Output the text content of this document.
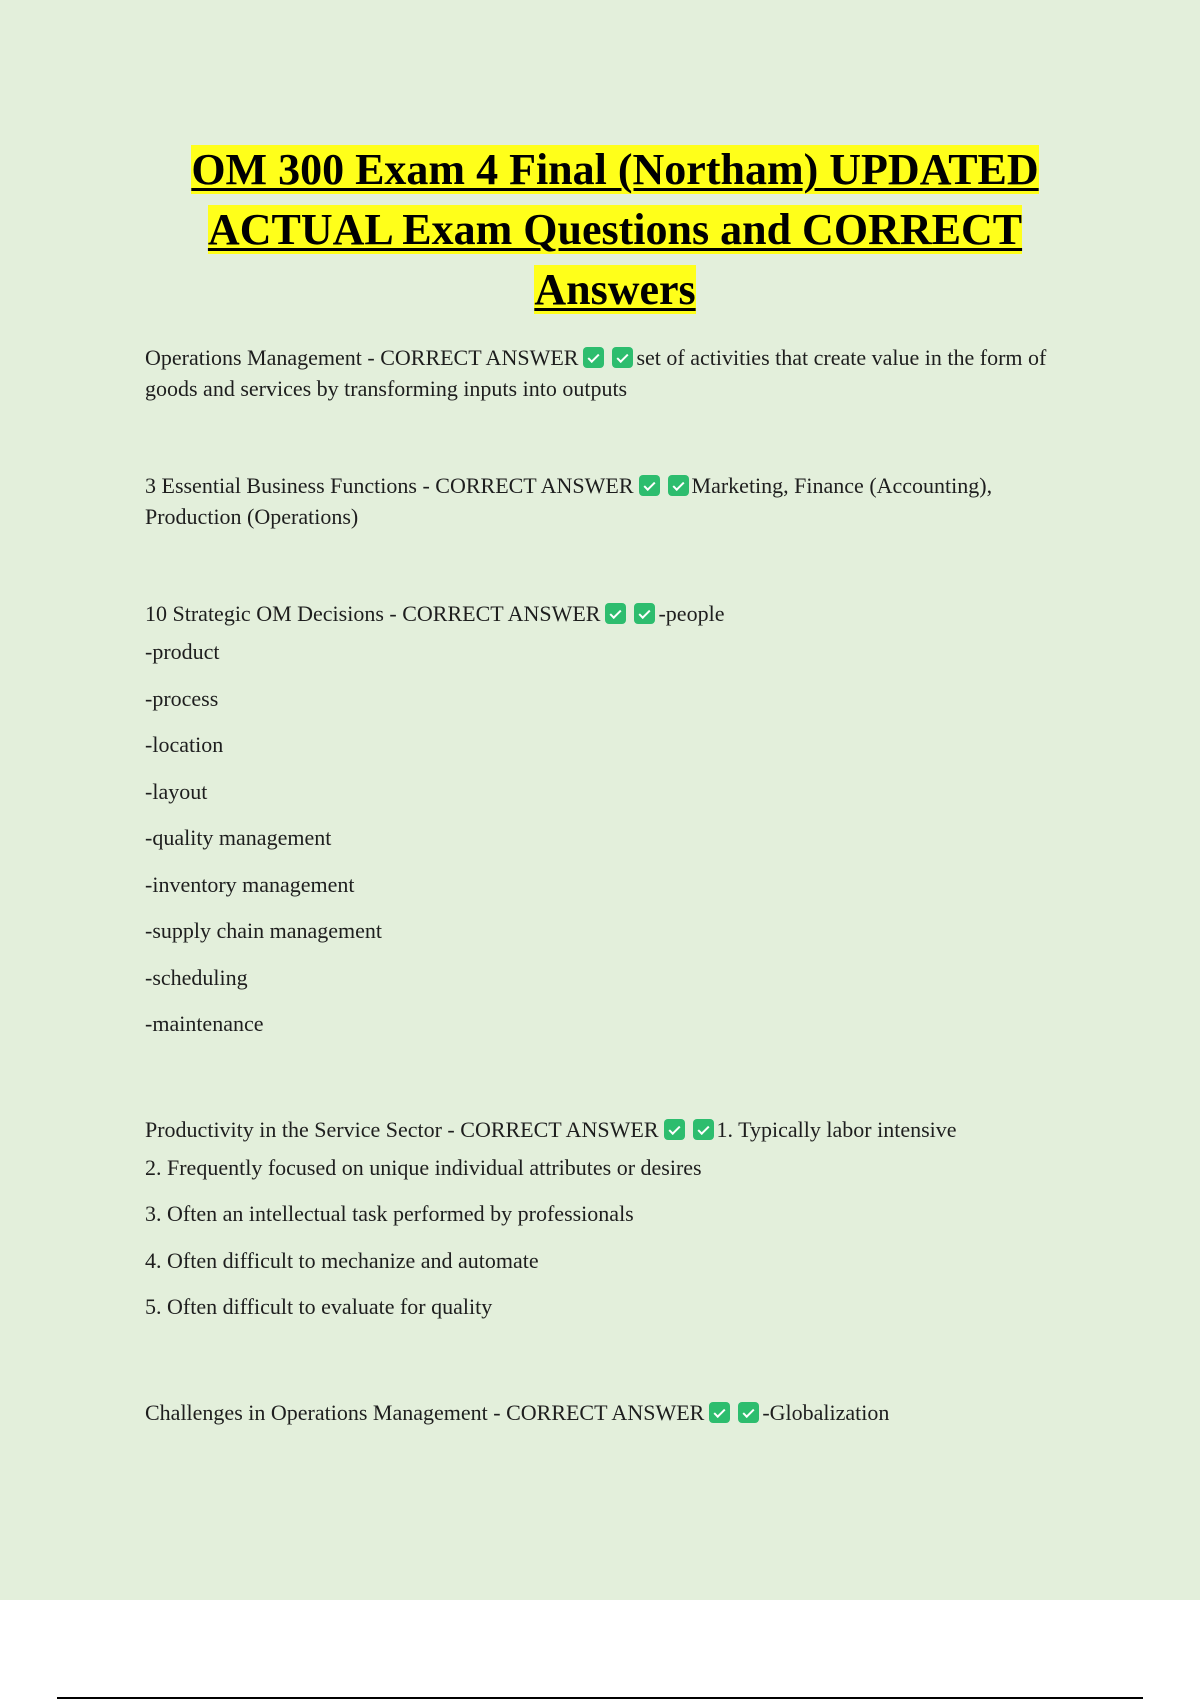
OM 300 Exam 4 Final (Northam) UPDATED ACTUAL Exam Questions and CORRECT Answers

Operations Management - CORRECT ANSWER	set of activities that create value in the form of goods and services by transforming inputs into outputs

3 Essential Business Functions - CORRECT ANSWER	Marketing, Finance (Accounting), Production (Operations)

10 Strategic OM Decisions - CORRECT ANSWER	-people

-product
-process
-location
-layout
-quality management
-inventory management
-supply chain management
-scheduling
-maintenance

Productivity in the Service Sector - CORRECT ANSWER	1. Typically labor intensive

2. Frequently focused on unique individual attributes or desires
3. Often an intellectual task performed by professionals
4. Often difficult to mechanize and automate
5. Often difficult to evaluate for quality

Challenges in Operations Management - CORRECT ANSWER	-Globalization
